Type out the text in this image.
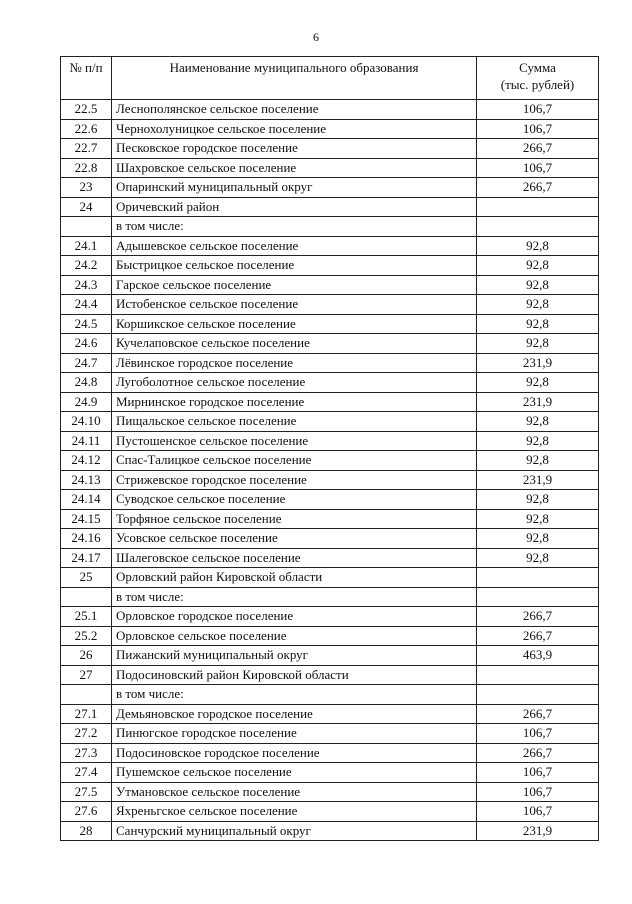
6
№ п/п	Наименование муниципального образования	Сумма
(тыс. рублей)
22.5	Леснополянское сельское поселение	106,7
22.6	Чернохолуницкое сельское поселение	106,7
22.7	Песковское городское поселение	266,7
22.8	Шахровское сельское поселение	106,7
23	Опаринский муниципальный округ	266,7
24	Оричевский район	
	в том числе:	
24.1	Адышевское сельское поселение	92,8
24.2	Быстрицкое сельское поселение	92,8
24.3	Гарское сельское поселение	92,8
24.4	Истобенское сельское поселение	92,8
24.5	Коршикское сельское поселение	92,8
24.6	Кучелаповское сельское поселение	92,8
24.7	Лёвинское городское поселение	231,9
24.8	Лугоболотное сельское поселение	92,8
24.9	Мирнинское городское поселение	231,9
24.10	Пищальское сельское поселение	92,8
24.11	Пустошенское сельское поселение	92,8
24.12	Спас-Талицкое сельское поселение	92,8
24.13	Стрижевское городское поселение	231,9
24.14	Суводское сельское поселение	92,8
24.15	Торфяное сельское поселение	92,8
24.16	Усовское сельское поселение	92,8
24.17	Шалеговское сельское поселение	92,8
25	Орловский район Кировской области	
	в том числе:	
25.1	Орловское городское поселение	266,7
25.2	Орловское сельское поселение	266,7
26	Пижанский муниципальный округ	463,9
27	Подосиновский район Кировской области	
	в том числе:	
27.1	Демьяновское городское поселение	266,7
27.2	Пинюгское городское поселение	106,7
27.3	Подосиновское городское поселение	266,7
27.4	Пушемское сельское поселение	106,7
27.5	Утмановское сельское поселение	106,7
27.6	Яхреньгское сельское поселение	106,7
28	Санчурский муниципальный округ	231,9
